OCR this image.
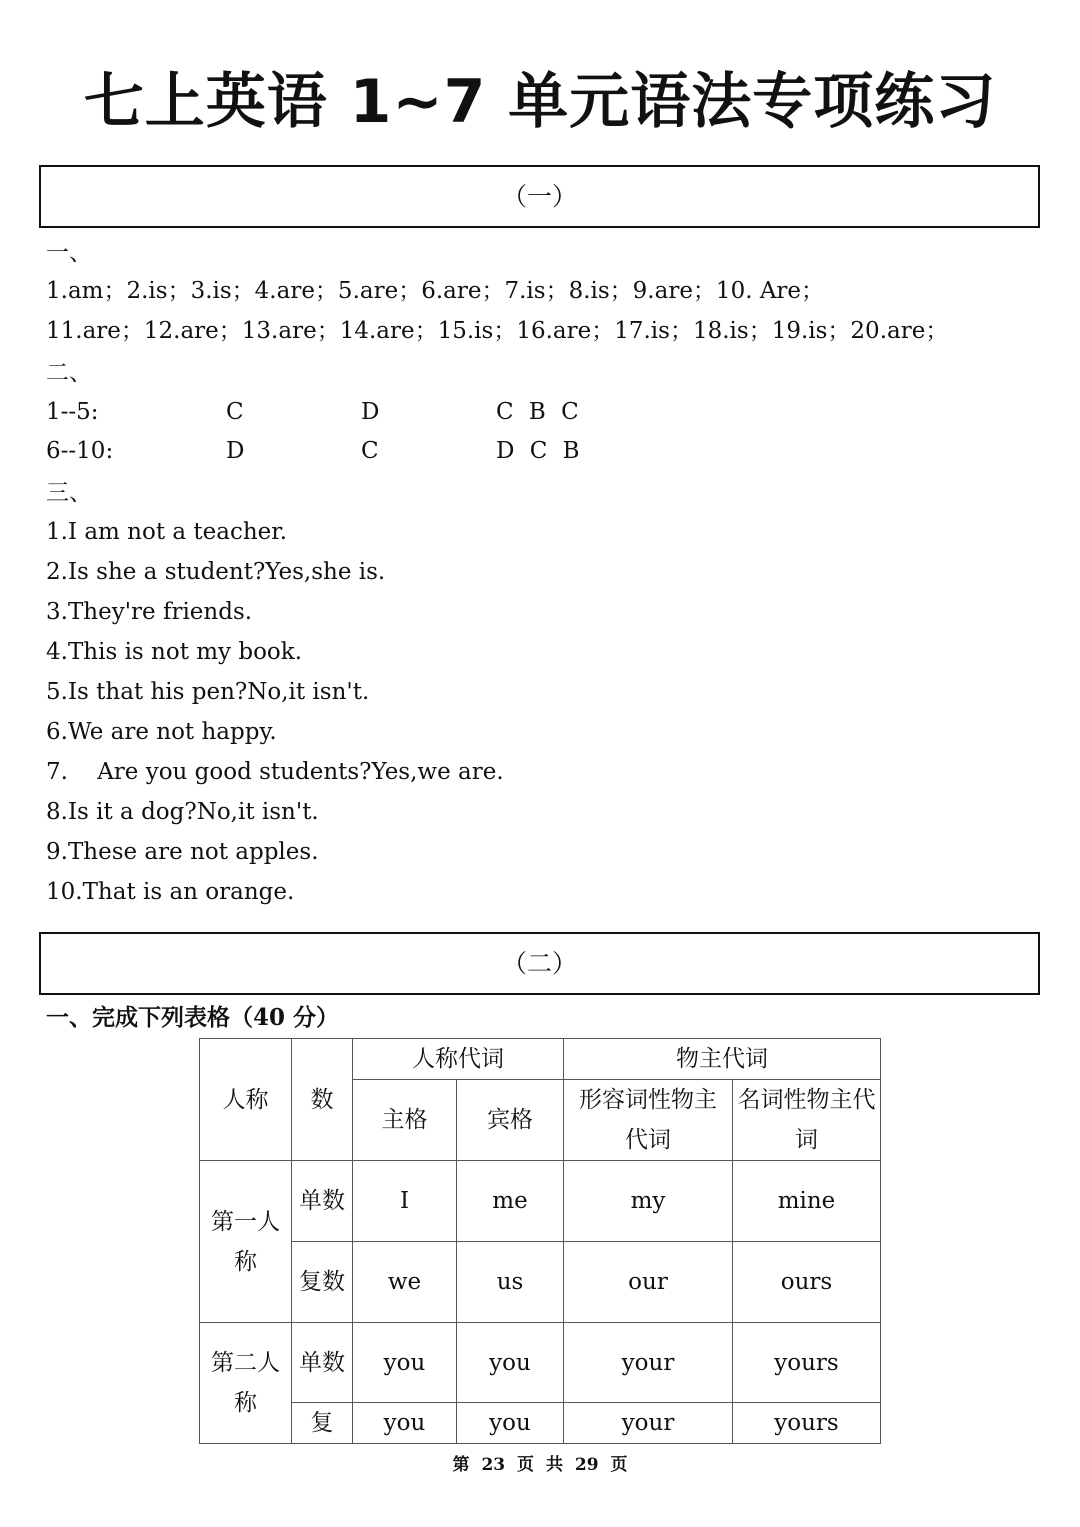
七上英语 1~7 单元语法专项练习
（一）
一、
1.am；2.is；3.is；4.are；5.are；6.are；7.is；8.is；9.are；10. Are；
11.are；12.are；13.are；14.are；15.is；16.are；17.is；18.is；19.is；20.are；
二、
1--5:	C	D	C B C
6--10:	D	C	D C B
三、
1.I am not a teacher.
2.Is she a student?Yes,she is.
3.They're friends.
4.This is not my book.
5.Is that his pen?No,it isn't.
6.We are not happy.
7.    Are you good students?Yes,we are.
8.Is it a dog?No,it isn't.
9.These are not apples.
10.That is an orange.
（二）
一、完成下列表格（40 分）
人称	数	人称代词		物主代词	
		主格	宾格	形容词性物主代词	名词性物主代词
第一人称	单数	I	me	my	mine
	复数	we	us	our	ours
第二人称	单数	you	you	your	yours
	复	you	you	your	yours
第 23 页 共 29 页
